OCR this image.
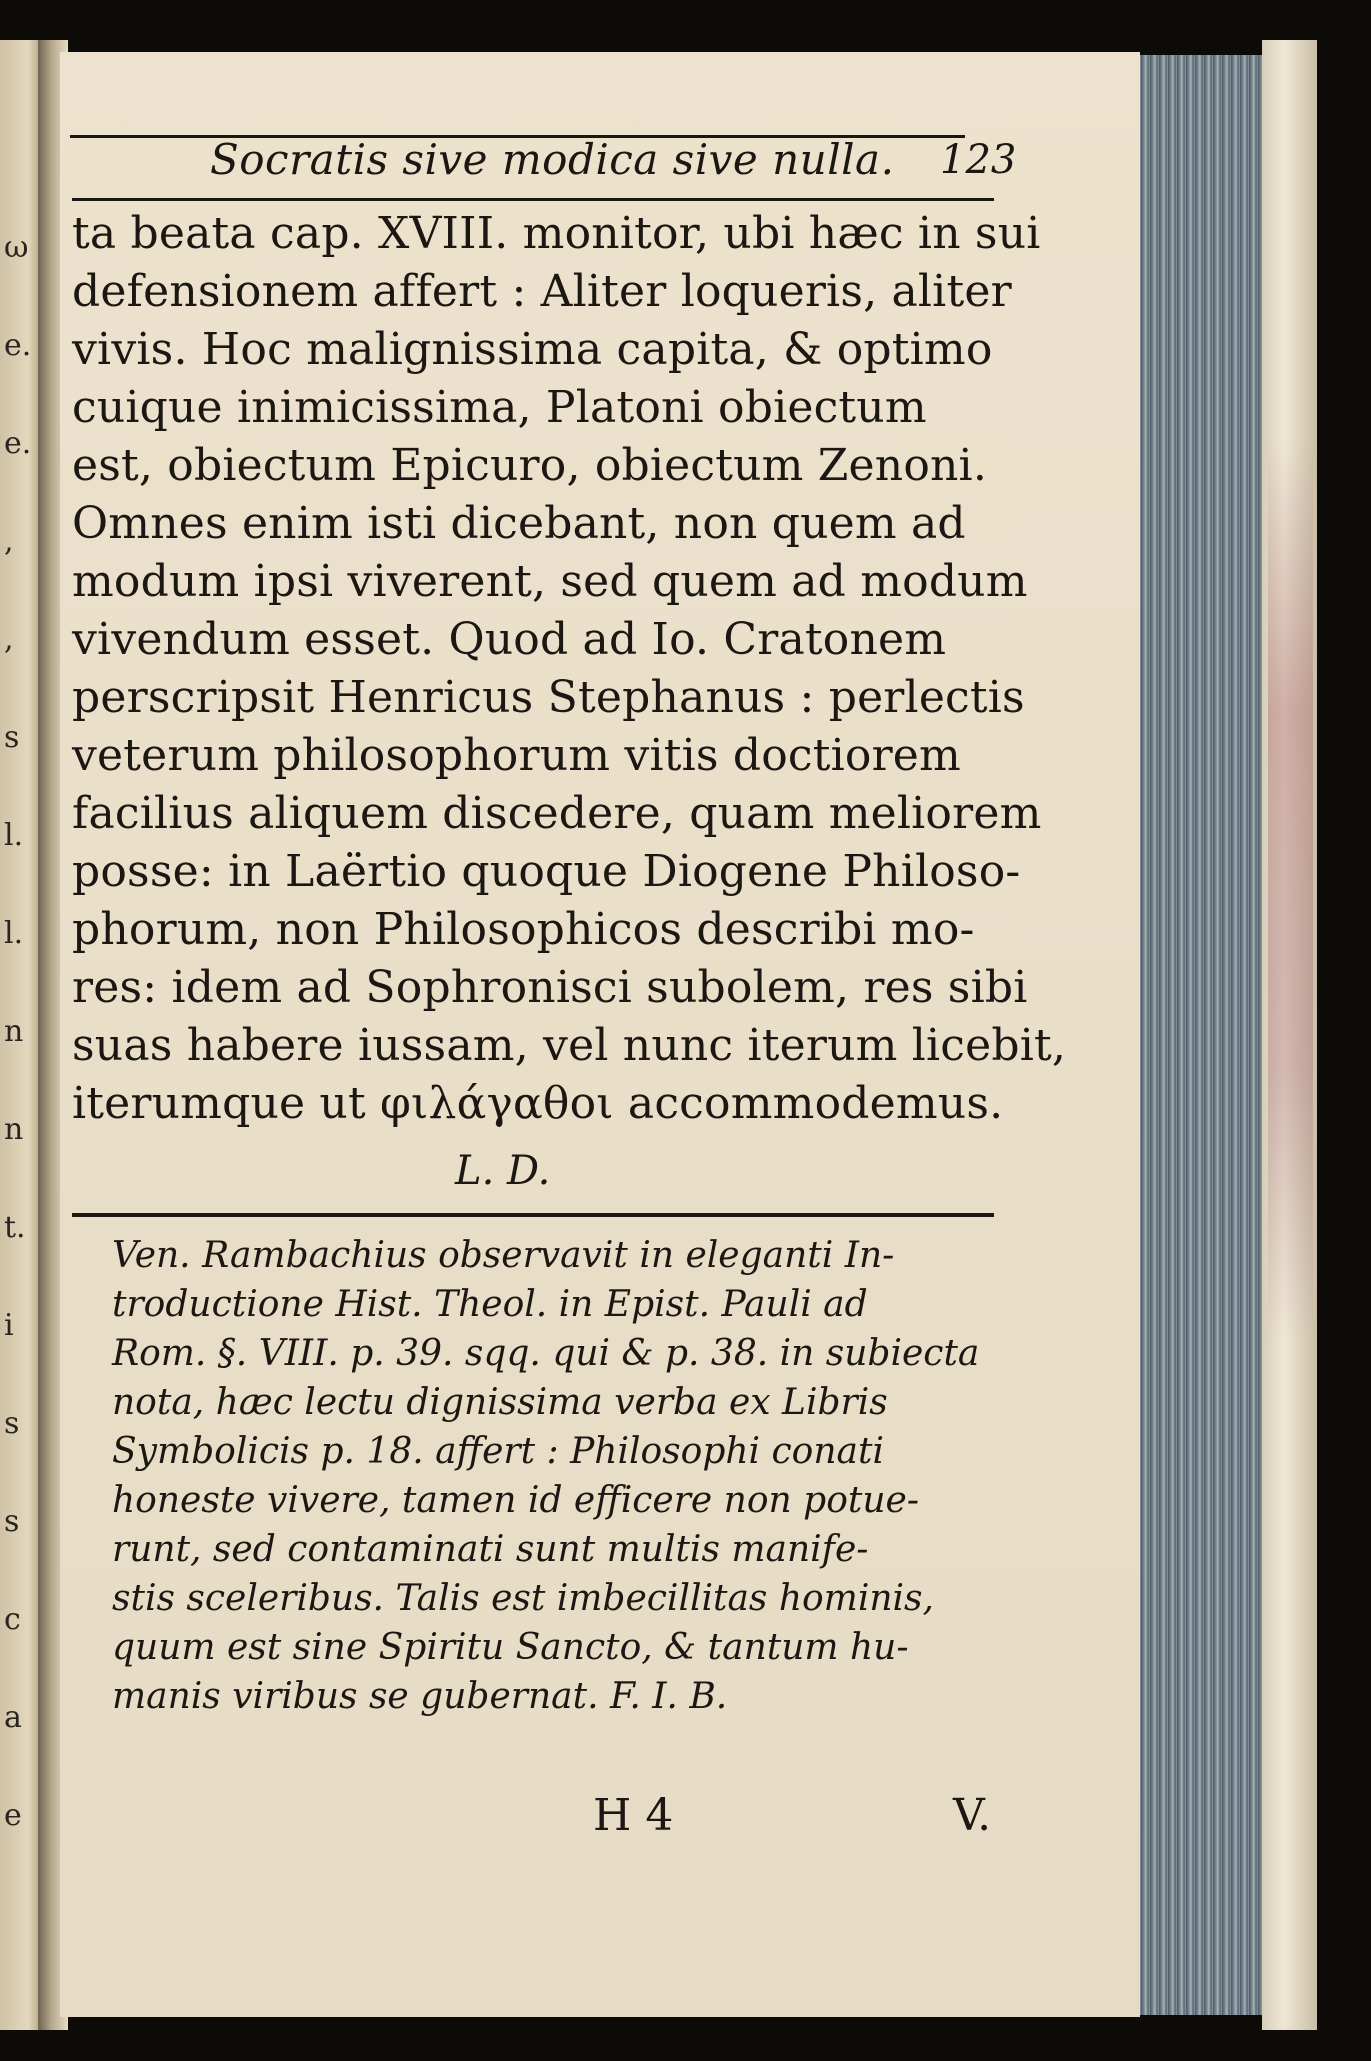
ω
e.
e.
,
,
s
l.
l.
n
n
t.
i
s
s
c
a
e
Socratis sive modica sive nulla. 123
ta beata cap. XVIII. monitor, ubi hæc in sui
defensionem affert : Aliter loqueris, aliter
vivis. Hoc malignissima capita, & optimo
cuique inimicissima, Platoni obiectum
est, obiectum Epicuro, obiectum Zenoni.
Omnes enim isti dicebant, non quem ad
modum ipsi viverent, sed quem ad modum
vivendum esset. Quod ad Io. Cratonem
perscripsit Henricus Stephanus : perlectis
veterum philosophorum vitis doctiorem
facilius aliquem discedere, quam meliorem
posse: in Laërtio quoque Diogene Philoso-
phorum, non Philosophicos describi mo-
res: idem ad Sophronisci subolem, res sibi
suas habere iussam, vel nunc iterum licebit,
iterumque ut φιλάγαθοι accommodemus.
L. D.
Ven. Rambachius observavit in eleganti In-
troductione Hist. Theol. in Epist. Pauli ad
Rom. §. VIII. p. 39. sqq. qui & p. 38. in subiecta
nota, hæc lectu dignissima verba ex Libris
Symbolicis p. 18. affert : Philosophi conati
honeste vivere, tamen id efficere non potue-
runt, sed contaminati sunt multis manife-
stis sceleribus. Talis est imbecillitas hominis,
quum est sine Spiritu Sancto, & tantum hu-
manis viribus se gubernat. F. I. B.
H 4	V.
